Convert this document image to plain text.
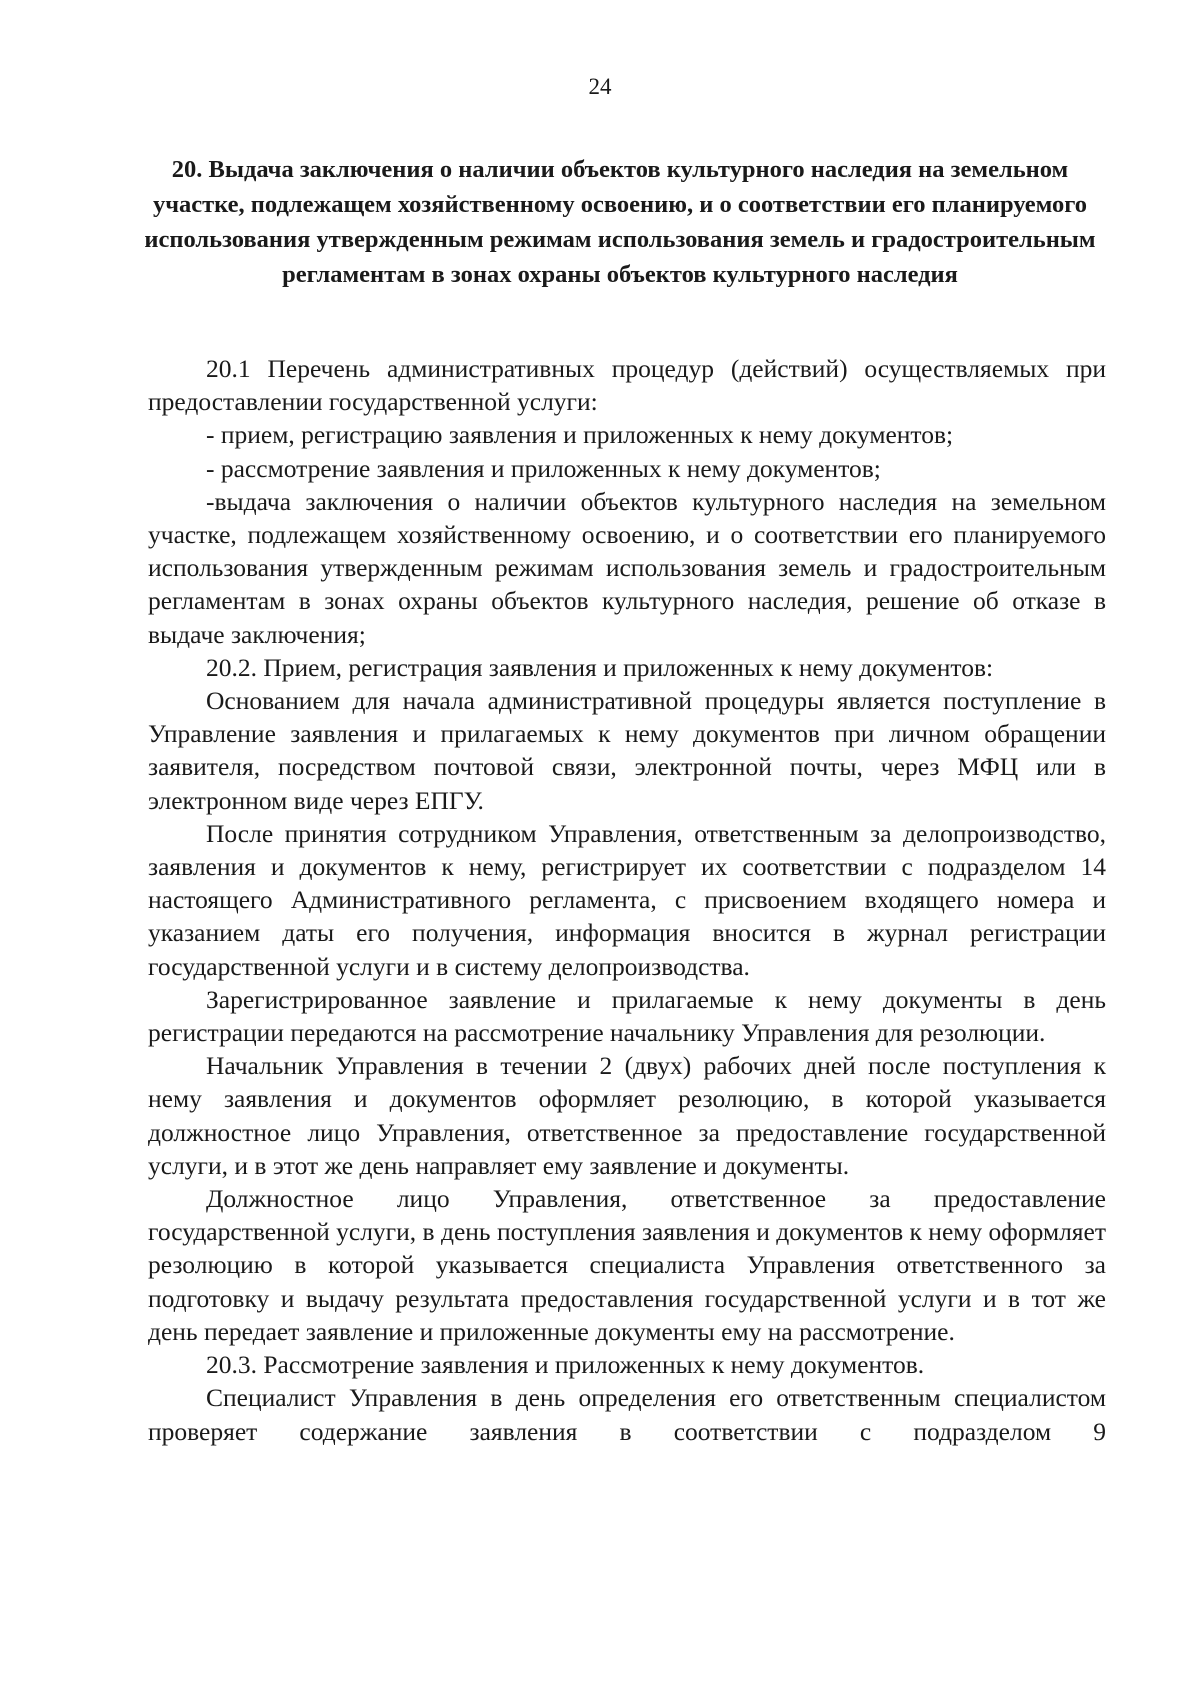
24
20. Выдача заключения о наличии объектов культурного наследия на земельном участке, подлежащем хозяйственному освоению, и о соответствии его планируемого использования утвержденным режимам использования земель и градостроительным регламентам в зонах охраны объектов культурного наследия

20.1 Перечень административных процедур (действий) осуществляемых при предоставлении государственной услуги:

- прием, регистрацию заявления и приложенных к нему документов;

- рассмотрение заявления и приложенных к нему документов;

-выдача заключения о наличии объектов культурного наследия на земельном участке, подлежащем хозяйственному освоению, и о соответствии его планируемого использования утвержденным режимам использования земель и градостроительным регламентам в зонах охраны объектов культурного наследия, решение об отказе в выдаче заключения;

20.2. Прием, регистрация заявления и приложенных к нему документов:

Основанием для начала административной процедуры является поступление в Управление заявления и прилагаемых к нему документов при личном обращении заявителя, посредством почтовой связи, электронной почты, через МФЦ или в электронном виде через ЕПГУ.

После принятия сотрудником Управления, ответственным за делопроизводство, заявления и документов к нему, регистрирует их соответствии с подразделом 14 настоящего Административного регламента, с присвоением входящего номера и указанием даты его получения, информация вносится в журнал регистрации государственной услуги и в систему делопроизводства.

Зарегистрированное заявление и прилагаемые к нему документы в день регистрации передаются на рассмотрение начальнику Управления для резолюции.

Начальник Управления в течении 2 (двух) рабочих дней после поступления к нему заявления и документов оформляет резолюцию, в которой указывается должностное лицо Управления, ответственное за предоставление государственной услуги, и в этот же день направляет ему заявление и документы.

Должностное лицо Управления, ответственное за предоставление государственной услуги, в день поступления заявления и документов к нему оформляет резолюцию в которой указывается специалиста Управления ответственного за подготовку и выдачу результата предоставления государственной услуги и в тот же день передает заявление и приложенные документы ему на рассмотрение.

20.3. Рассмотрение заявления и приложенных к нему документов.

Специалист Управления в день определения его ответственным специалистом проверяет содержание заявления в соответствии с подразделом 9
